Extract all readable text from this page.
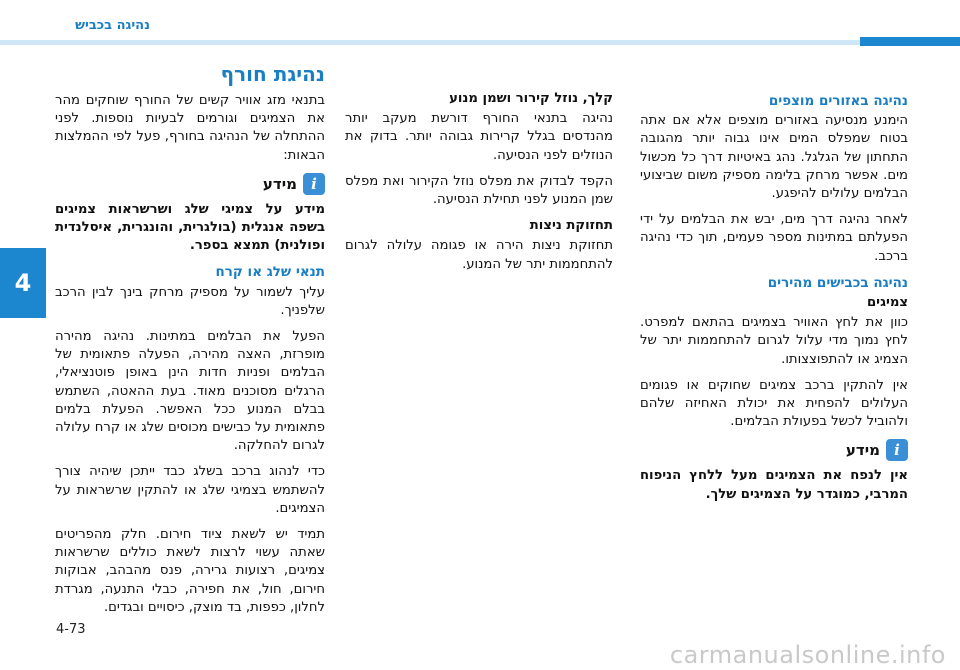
נהיגה בכביש
4
נהיגת חורף

בתנאי מזג אוויר קשים של החורף שוחקים מהר את הצמיגים וגורמים לבעיות נוספות. לפני ההתחלה של הנהיגה בחורף, פעל לפי ההמלצות הבאות:

i
מידע

מידע על צמיגי שלג ושרשראות צמיגים בשפה אנגלית (בולגרית, והונגרית, איסלנדית ופולנית) תמצא בספר.

תנאי שלג או קרח

עליך לשמור על מספיק מרחק בינך לבין הרכב שלפניך.

הפעל את הבלמים במתינות. נהיגה מהירה מופרזת, האצה מהירה, הפעלה פתאומית של הבלמים ופניות חדות הינן באופן פוטנציאלי, הרגלים מסוכנים מאוד. בעת ההאטה, השתמש בבלם המנוע ככל האפשר. הפעלת בלמים פתאומית על כבישים מכוסים שלג או קרח עלולה לגרום להחלקה.

כדי לנהוג ברכב בשלג כבד ייתכן שיהיה צורך להשתמש בצמיגי שלג או להתקין שרשראות על הצמיגים.

תמיד יש לשאת ציוד חירום. חלק מהפריטים שאתה עשוי לרצות לשאת כוללים שרשראות צמיגים, רצועות גרירה, פנס מהבהב, אבוקות חירום, חול, את חפירה, כבלי התנעה, מגרדת לחלון, כפפות, בד מוצק, כיסויים ובגדים.

קלך, נוזל קירור ושמן מנוע

נהיגה בתנאי החורף דורשת מעקב יותר מהנדסים בגלל קרירות גבוהה יותר. בדוק את הנוזלים לפני הנסיעה.

הקפד לבדוק את מפלס נוזל הקירור ואת מפלס שמן המנוע לפני תחילת הנסיעה.

תחזוקת ניצות

תחזוקת ניצות הירה או פגומה עלולה לגרום להתחממות יתר של המנוע.

נהיגה באזורים מוצפים

הימנע מנסיעה באזורים מוצפים אלא אם אתה בטוח שמפלס המים אינו גבוה יותר מהגובה התחתון של הגלגל. נהג באיטיות דרך כל מכשול מים. אפשר מרחק בלימה מספיק משום שביצועי הבלמים עלולים להיפגע.

לאחר נהיגה דרך מים, יבש את הבלמים על ידי הפעלתם במתינות מספר פעמים, תוך כדי נהיגה ברכב.

נהיגה בכבישים מהירים
צמיגים

כוון את לחץ האוויר בצמיגים בהתאם למפרט. לחץ נמוך מדי עלול לגרום להתחממות יתר של הצמיג או להתפוצצותו.

אין להתקין ברכב צמיגים שחוקים או פגומים העלולים להפחית את יכולת האחיזה שלהם ולהוביל לכשל בפעולת הבלמים.

i
מידע

אין לנפח את הצמיגים מעל ללחץ הניפוח המרבי, כמוגדר על הצמיגים שלך.

4-73
carmanualsonline.info
